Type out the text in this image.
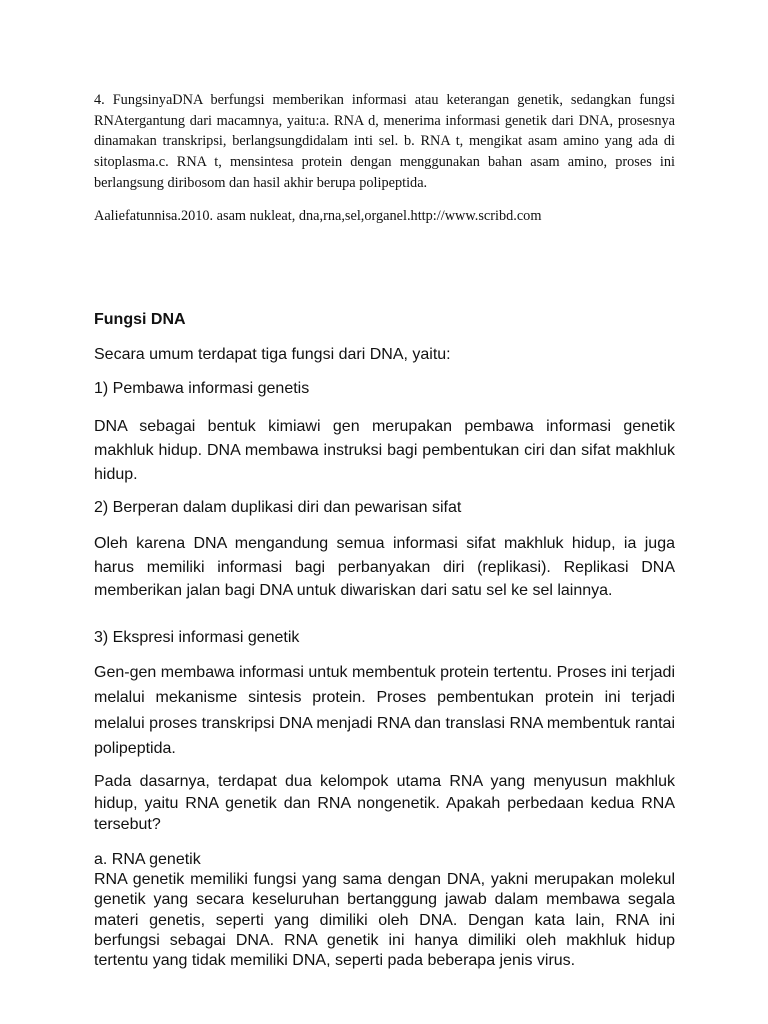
4. FungsinyaDNA berfungsi memberikan informasi atau keterangan genetik, sedangkan fungsi RNAtergantung dari macamnya, yaitu:a. RNA d, menerima informasi genetik dari DNA, prosesnya dinamakan transkripsi, berlangsungdidalam inti sel. b. RNA t, mengikat asam amino yang ada di sitoplasma.c. RNA t, mensintesa protein dengan menggunakan bahan asam amino, proses ini berlangsung diribosom dan hasil akhir berupa polipeptida.

Aaliefatunnisa.2010. asam nukleat, dna,rna,sel,organel.http://www.scribd.com

Fungsi DNA

Secara umum terdapat tiga fungsi dari DNA, yaitu:

1) Pembawa informasi genetis

DNA sebagai bentuk kimiawi gen merupakan pembawa informasi genetik makhluk hidup. DNA membawa instruksi bagi pembentukan ciri dan sifat makhluk hidup.

2) Berperan dalam duplikasi diri dan pewarisan sifat

Oleh karena DNA mengandung semua informasi sifat makhluk hidup, ia juga harus memiliki informasi bagi perbanyakan diri (replikasi). Replikasi DNA memberikan jalan bagi DNA untuk diwariskan dari satu sel ke sel lainnya.

3) Ekspresi informasi genetik

Gen-gen membawa informasi untuk membentuk protein tertentu. Proses ini terjadi melalui mekanisme sintesis protein. Proses pembentukan protein ini terjadi melalui proses transkripsi DNA menjadi RNA dan translasi RNA membentuk rantai polipeptida.

Pada dasarnya, terdapat dua kelompok utama RNA yang menyusun makhluk hidup, yaitu RNA genetik dan RNA nongenetik. Apakah perbedaan kedua RNA tersebut?

a. RNA genetik

RNA genetik memiliki fungsi yang sama dengan DNA, yakni merupakan molekul genetik yang secara keseluruhan bertanggung jawab dalam membawa segala materi genetis, seperti yang dimiliki oleh DNA. Dengan kata lain, RNA ini berfungsi sebagai DNA. RNA genetik ini hanya dimiliki oleh makhluk hidup tertentu yang tidak memiliki DNA, seperti pada beberapa jenis virus.
